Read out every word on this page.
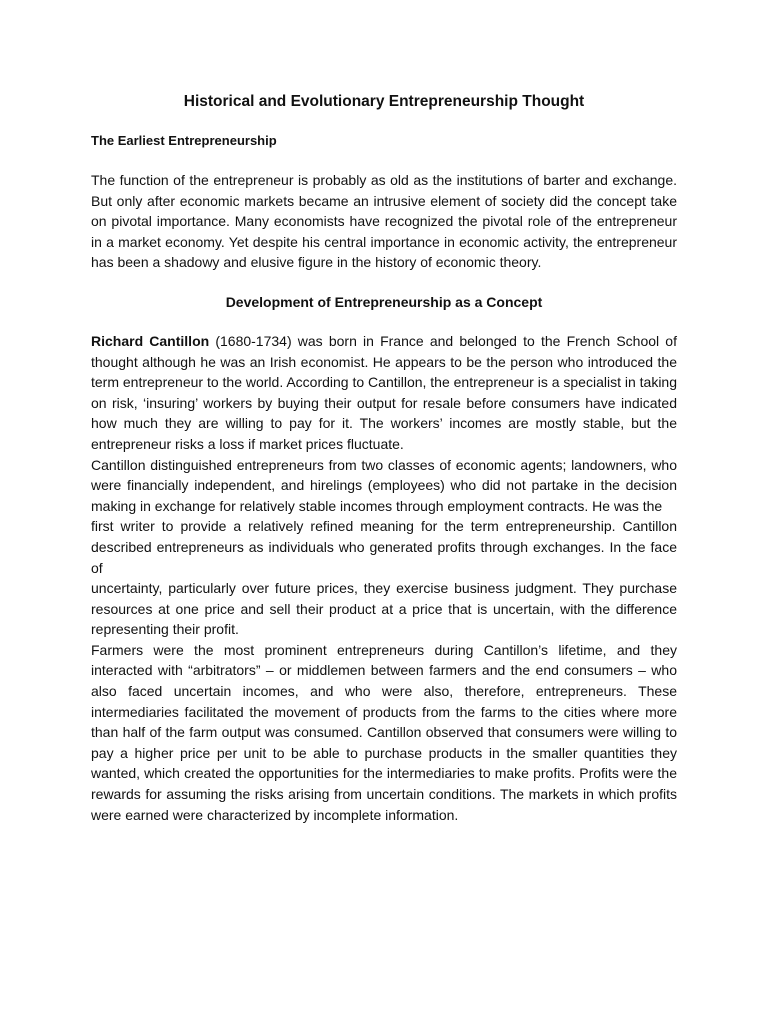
Historical and Evolutionary Entrepreneurship Thought
The Earliest Entrepreneurship

The function of the entrepreneur is probably as old as the institutions of barter and exchange. But only after economic markets became an intrusive element of society did the concept take on pivotal importance. Many economists have recognized the pivotal role of the entrepreneur in a market economy. Yet despite his central importance in economic activity, the entrepreneur has been a shadowy and elusive figure in the history of economic theory.

Development of Entrepreneurship as a Concept

Richard Cantillon (1680-1734) was born in France and belonged to the French School of thought although he was an Irish economist. He appears to be the person who introduced the term entrepreneur to the world. According to Cantillon, the entrepreneur is a specialist in taking on risk, ‘insuring’ workers by buying their output for resale before consumers have indicated how much they are willing to pay for it. The workers’ incomes are mostly stable, but the entrepreneur risks a loss if market prices fluctuate.

Cantillon distinguished entrepreneurs from two classes of economic agents; landowners, who were financially independent, and hirelings (employees) who did not partake in the decision making in exchange for relatively stable incomes through employment contracts. He was the

first writer to provide a relatively refined meaning for the term entrepreneurship. Cantillon described entrepreneurs as individuals who generated profits through exchanges. In the face of

uncertainty, particularly over future prices, they exercise business judgment. They purchase resources at one price and sell their product at a price that is uncertain, with the difference representing their profit.

Farmers were the most prominent entrepreneurs during Cantillon’s lifetime, and they interacted with “arbitrators” – or middlemen between farmers and the end consumers – who also faced uncertain incomes, and who were also, therefore, entrepreneurs. These intermediaries facilitated the movement of products from the farms to the cities where more than half of the farm output was consumed. Cantillon observed that consumers were willing to pay a higher price per unit to be able to purchase products in the smaller quantities they wanted, which created the opportunities for the intermediaries to make profits. Profits were the rewards for assuming the risks arising from uncertain conditions. The markets in which profits were earned were characterized by incomplete information.
